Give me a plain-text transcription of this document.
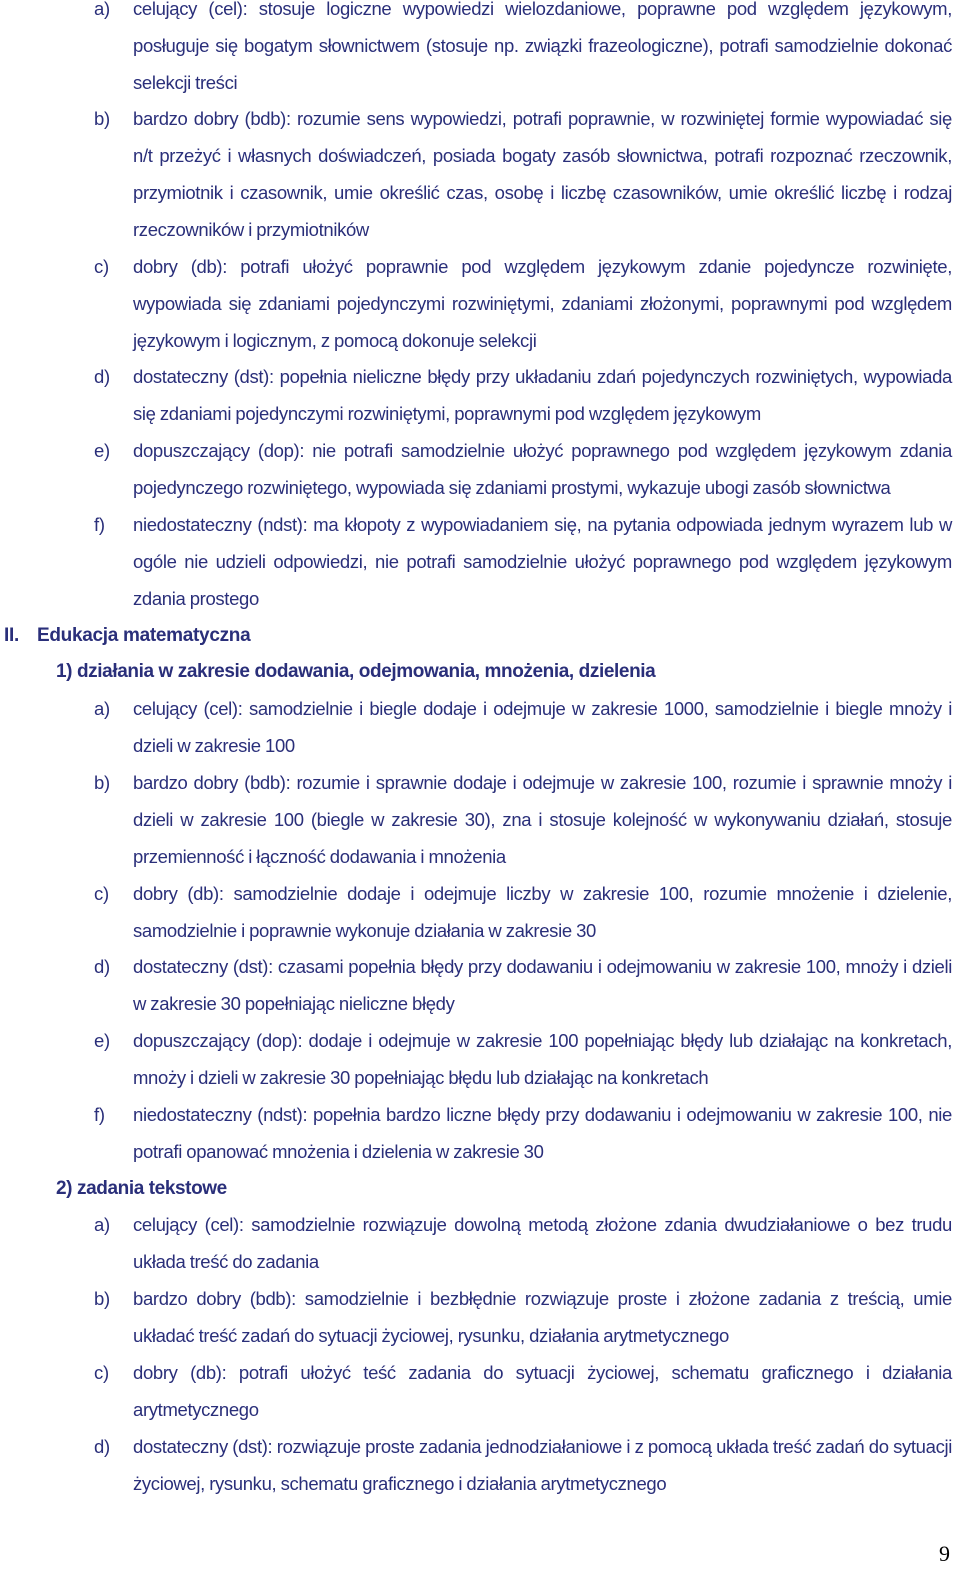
a)	celujący (cel): stosuje logiczne wypowiedzi wielozdaniowe, poprawne pod względem językowym, posługuje się bogatym słownictwem (stosuje np. związki frazeologiczne), potrafi samodzielnie dokonać selekcji treści
b)	bardzo dobry (bdb): rozumie sens wypowiedzi, potrafi poprawnie, w rozwiniętej formie wypowiadać się n/t przeżyć i własnych doświadczeń, posiada bogaty zasób słownictwa, potrafi rozpoznać rzeczownik, przymiotnik i czasownik, umie określić czas, osobę i liczbę czasowników, umie określić liczbę i rodzaj rzeczowników i przymiotników
c)	dobry (db): potrafi ułożyć poprawnie pod względem językowym zdanie pojedyncze rozwinięte, wypowiada się zdaniami pojedynczymi rozwiniętymi, zdaniami złożonymi, poprawnymi pod względem językowym i logicznym, z pomocą dokonuje selekcji
d)	dostateczny (dst): popełnia nieliczne błędy przy układaniu zdań pojedynczych rozwiniętych, wypowiada się zdaniami pojedynczymi rozwiniętymi, poprawnymi pod względem językowym
e)	dopuszczający (dop): nie potrafi samodzielnie ułożyć poprawnego pod względem językowym zdania pojedynczego rozwiniętego, wypowiada się zdaniami prostymi, wykazuje ubogi zasób słownictwa
f)	niedostateczny (ndst): ma kłopoty z wypowiadaniem się, na pytania odpowiada jednym wyrazem lub w ogóle nie udzieli odpowiedzi, nie potrafi samodzielnie ułożyć poprawnego pod względem językowym zdania prostego
II. Edukacja matematyczna
1) działania w zakresie dodawania, odejmowania, mnożenia, dzielenia
a)	celujący (cel): samodzielnie i biegle dodaje i odejmuje w zakresie 1000, samodzielnie i biegle mnoży i dzieli w zakresie 100
b)	bardzo dobry (bdb): rozumie i sprawnie dodaje i odejmuje w zakresie 100, rozumie i sprawnie mnoży i dzieli w zakresie 100 (biegle w zakresie 30), zna i stosuje kolejność w wykonywaniu działań, stosuje przemienność i łączność dodawania i mnożenia
c)	dobry (db): samodzielnie dodaje i odejmuje liczby w zakresie 100, rozumie mnożenie i dzielenie, samodzielnie i poprawnie wykonuje działania w zakresie 30
d)	dostateczny (dst): czasami popełnia błędy przy dodawaniu i odejmowaniu w zakresie 100, mnoży i dzieli w zakresie 30 popełniając nieliczne błędy
e)	dopuszczający (dop): dodaje i odejmuje w zakresie 100 popełniając błędy lub działając na konkretach, mnoży i dzieli w zakresie 30 popełniając błędu lub działając na konkretach
f)	niedostateczny (ndst): popełnia bardzo liczne błędy przy dodawaniu i odejmowaniu w zakresie 100, nie potrafi opanować mnożenia i dzielenia w zakresie 30
2) zadania tekstowe
a)	celujący (cel): samodzielnie rozwiązuje dowolną metodą złożone zdania dwudziałaniowe o bez trudu układa treść do zadania
b)	bardzo dobry (bdb): samodzielnie i bezbłędnie rozwiązuje proste i złożone zadania z treścią, umie układać treść zadań do sytuacji życiowej, rysunku, działania arytmetycznego
c)	dobry (db): potrafi ułożyć teść zadania do sytuacji życiowej, schematu graficznego i działania arytmetycznego
d)	dostateczny (dst): rozwiązuje proste zadania jednodziałaniowe i z pomocą układa treść zadań do sytuacji życiowej, rysunku, schematu graficznego i działania arytmetycznego
9
